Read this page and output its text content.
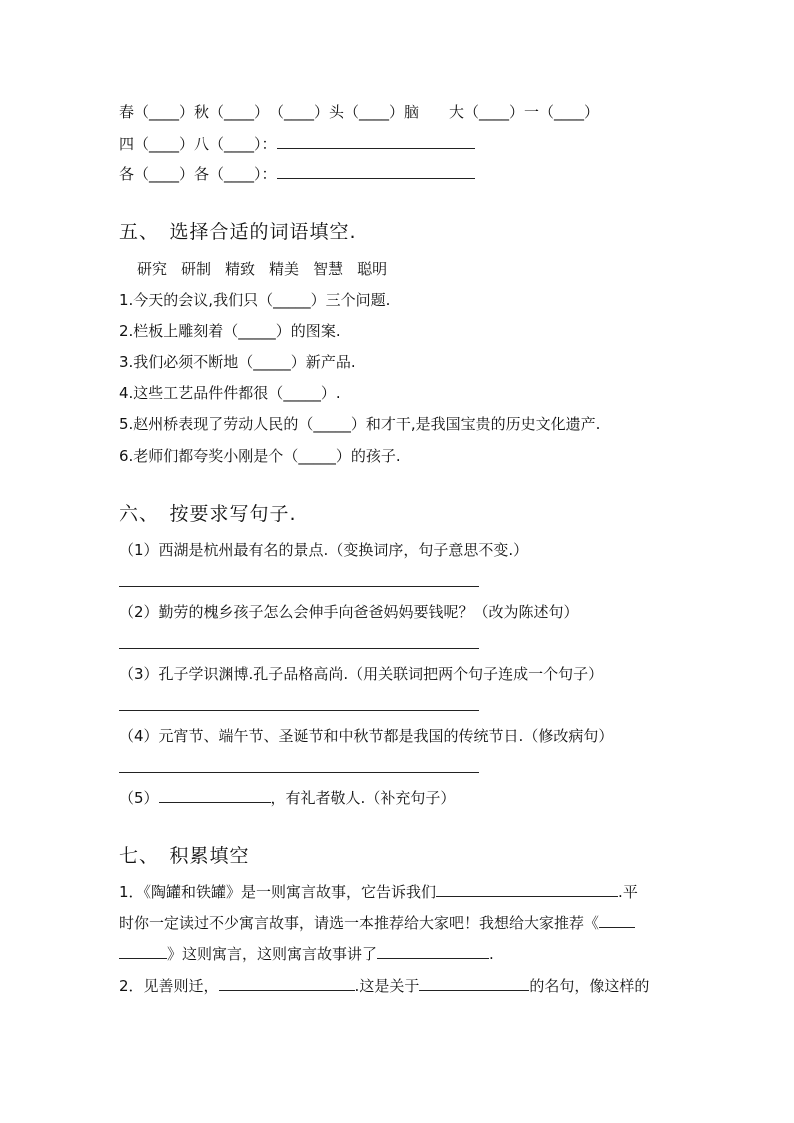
春（____）秋（____）　（____）头（____）脑　　大（____）一（____）
四（____）八（____）：
各（____）各（____）：
五、　选择合适的词语填空.
研究 研制 精致 精美 智慧 聪明
1.今天的会议,我们只（_____）三个问题.
2.栏板上雕刻着（_____）的图案.
3.我们必须不断地（_____）新产品.
4.这些工艺品件件都很（_____）.
5.赵州桥表现了劳动人民的（_____）和才干,是我国宝贵的历史文化遗产.
6.老师们都夸奖小刚是个（_____）的孩子.
六、　按要求写句子.
（1）西湖是杭州最有名的景点.（变换词序，句子意思不变.）
（2）勤劳的槐乡孩子怎么会伸手向爸爸妈妈要钱呢？（改为陈述句）
（3）孔子学识渊博.孔子品格高尚.（用关联词把两个句子连成一个句子）
（4）元宵节、端午节、圣诞节和中秋节都是我国的传统节日.（修改病句）
（5）	，有礼者敬人.（补充句子）
七、　积累填空
1．《陶罐和铁罐》是一则寓言故事，它告诉我们	.平
时你一定读过不少寓言故事，请选一本推荐给大家吧！我想给大家推荐《
》这则寓言，这则寓言故事讲了	.
2．见善则迁，	.这是关于	的名句，像这样的
